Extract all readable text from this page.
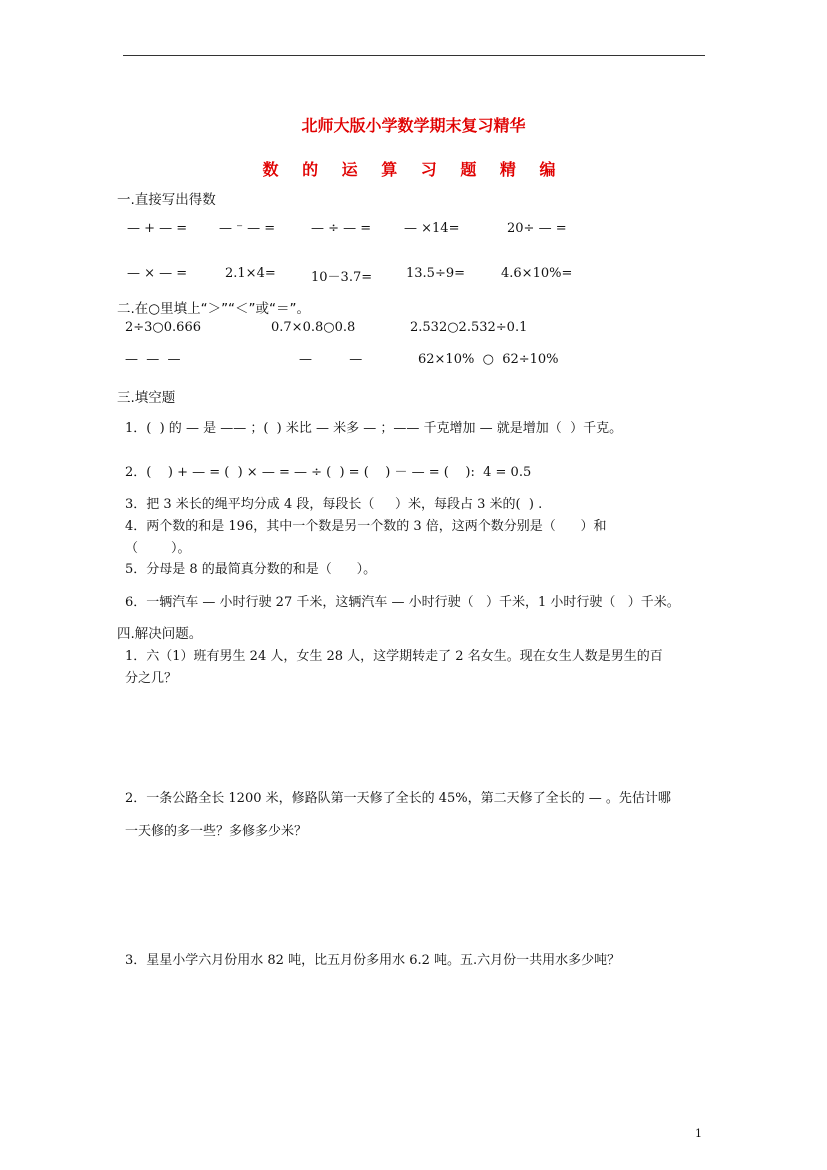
北师大版小学数学期末复习精华
数 的 运 算 习 题 精 编
一.直接写出得数
— + — = — ⁻ — =	— ÷ — =	— ×14=	20÷ — =
— × — =	2.1×4=	10－3.7=	13.5÷9=	4.6×10%=
二.在○里填上“＞”“＜”或“＝”。
2÷3○0.666	0.7×0.8○0.8	2.532○2.532÷0.1
—  —  —	—         —	62×10%  ○  62÷10%
三.填空题
1．(  ) 的 — 是 —— ；(  ) 米比 — 米多 — ；—— 千克增加 — 就是增加（  ）千克。
2．(    ) + — = (  ) × — = — ÷ (  ) = (    ) － — = (    ):  4 = 0.5
3．把 3 米长的绳平均分成 4 段，每段长（     ）米，每段占 3 米的(  ) .
4．两个数的和是 196，其中一个数是另一个数的 3 倍，这两个数分别是（      ）和
（        ）。
5．分母是 8 的最简真分数的和是（      ）。
6．一辆汽车 — 小时行驶 27 千米，这辆汽车 — 小时行驶（   ）千米，1 小时行驶（   ）千米。
四.解决问题。
1．六（1）班有男生 24 人，女生 28 人，这学期转走了 2 名女生。现在女生人数是男生的百
分之几？
2．一条公路全长 1200 米，修路队第一天修了全长的 45%，第二天修了全长的 — 。先估计哪
一天修的多一些？多修多少米？
3．星星小学六月份用水 82 吨，比五月份多用水 6.2 吨。五.六月份一共用水多少吨？
1
